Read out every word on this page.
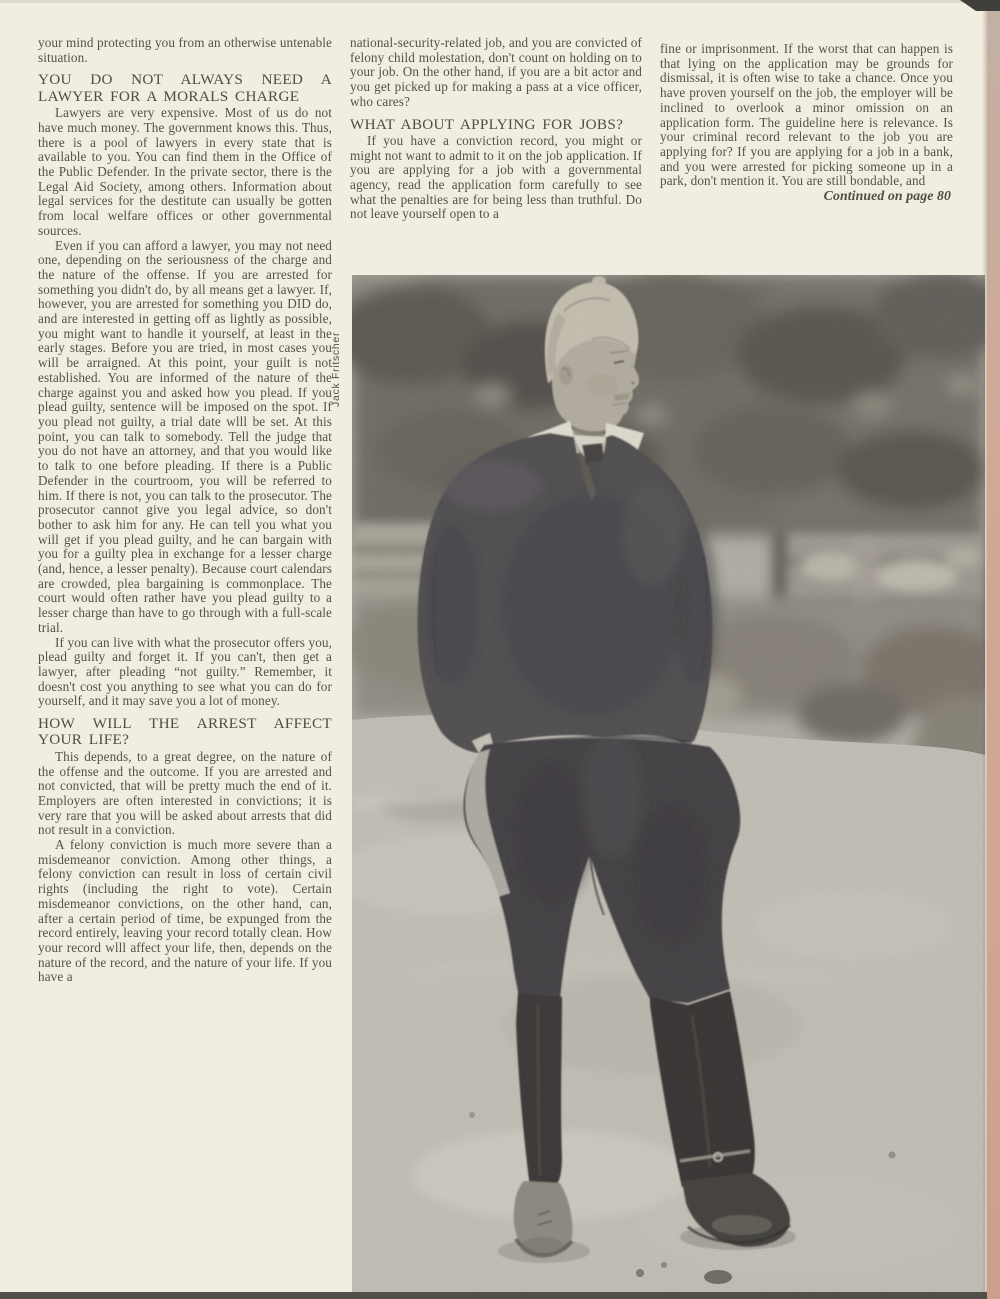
your mind protecting you from an otherwise untenable situation.

YOU DO NOT ALWAYS NEED A LAWYER FOR A MORALS CHARGE

Lawyers are very expensive. Most of us do not have much money. The government knows this. Thus, there is a pool of lawyers in every state that is available to you. You can find them in the Office of the Public Defender. In the private sector, there is the Legal Aid Society, among others. Information about legal services for the destitute can usually be gotten from local welfare offices or other governmental sources.

Even if you can afford a lawyer, you may not need one, depending on the seriousness of the charge and the nature of the offense. If you are arrested for something you didn't do, by all means get a lawyer. If, however, you are arrested for something you DID do, and are interested in getting off as lightly as possible, you might want to handle it yourself, at least in the early stages. Before you are tried, in most cases you will be arraigned. At this point, your guilt is not established. You are informed of the nature of the charge against you and asked how you plead. If you plead guilty, sentence will be imposed on the spot. If you plead not guilty, a trial date wlll be set. At this point, you can talk to somebody. Tell the judge that you do not have an attorney, and that you would like to talk to one before pleading. If there is a Public Defender in the courtroom, you will be referred to him. If there is not, you can talk to the prosecutor. The prosecutor cannot give you legal advice, so don't bother to ask him for any. He can tell you what you will get if you plead guilty, and he can bargain with you for a guilty plea in exchange for a lesser charge (and, hence, a lesser penalty). Because court calendars are crowded, plea bargaining is commonplace. The court would often rather have you plead guilty to a lesser charge than have to go through with a full-scale trial.

If you can live with what the prosecutor offers you, plead guilty and forget it. If you can't, then get a lawyer, after pleading “not guilty.” Remember, it doesn't cost you anything to see what you can do for yourself, and it may save you a lot of money.

HOW WILL THE ARREST AFFECT YOUR LIFE?

This depends, to a great degree, on the nature of the offense and the outcome. If you are arrested and not convicted, that will be pretty much the end of it. Employers are often interested in convictions; it is very rare that you will be asked about arrests that did not result in a conviction.

A felony conviction is much more severe than a misdemeanor conviction. Among other things, a felony conviction can result in loss of certain civil rights (including the right to vote). Certain misdemeanor convictions, on the other hand, can, after a certain period of time, be expunged from the record entirely, leaving your record totally clean. How your record wlll affect your life, then, depends on the nature of the record, and the nature of your life. If you have a

national-security-related job, and you are convicted of felony child molestation, don't count on holding on to your job. On the other hand, if you are a bit actor and you get picked up for making a pass at a vice officer, who cares?

WHAT ABOUT APPLYING FOR JOBS?

If you have a conviction record, you might or might not want to admit to it on the job application. If you are applying for a job with a governmental agency, read the application form carefully to see what the penalties are for being less than truthful. Do not leave yourself open to a

fine or imprisonment. If the worst that can happen is that lying on the application may be grounds for dismissal, it is often wise to take a chance. Once you have proven yourself on the job, the employer will be inclined to overlook a minor omission on an application form. The guideline here is relevance. Is your criminal record relevant to the job you are applying for? If you are applying for a job in a bank, and you were arrested for picking someone up in a park, don't mention it. You are still bondable, and

Continued on page 80

Jack Fritscher
